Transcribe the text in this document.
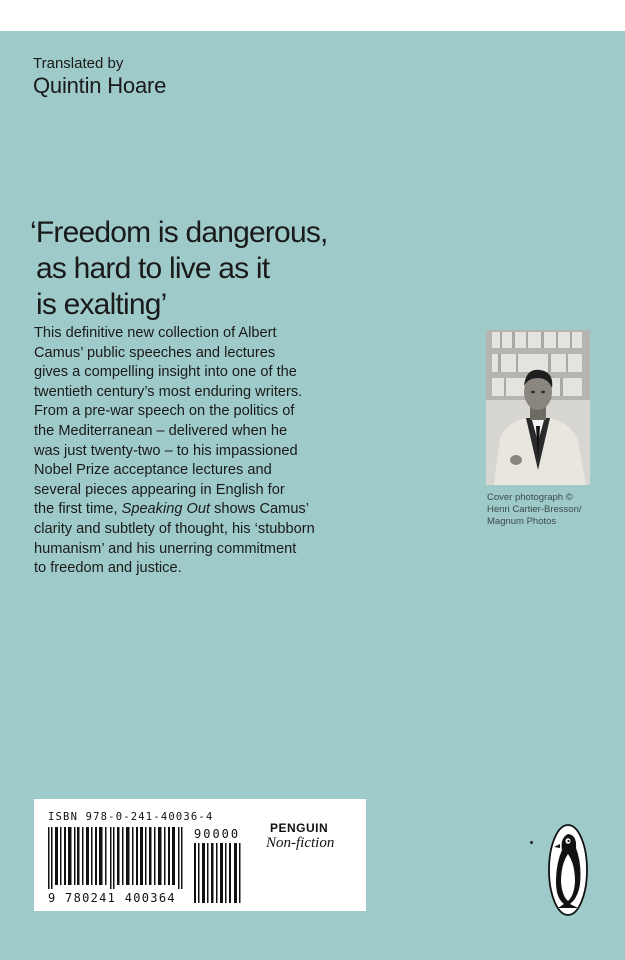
Translated by
Quintin Hoare
‘Freedom is dangerous,
as hard to live as it
is exalting’

This definitive new collection of Albert
Camus’ public speeches and lectures
gives a compelling insight into one of the
twentieth century’s most enduring writers.
From a pre-war speech on the politics of
the Mediterranean – delivered when he
was just twenty-two – to his impassioned
Nobel Prize acceptance lectures and
several pieces appearing in English for
the first time, Speaking Out shows Camus’
clarity and subtlety of thought, his ‘stubborn
humanism’ and his unerring commitment
to freedom and justice.

Cover photograph ©
Henri Cartier-Bresson/
Magnum Photos
ISBN 978-0-241-40036-4
9 780241 400364
90000 PENGUIN
Non-fiction
